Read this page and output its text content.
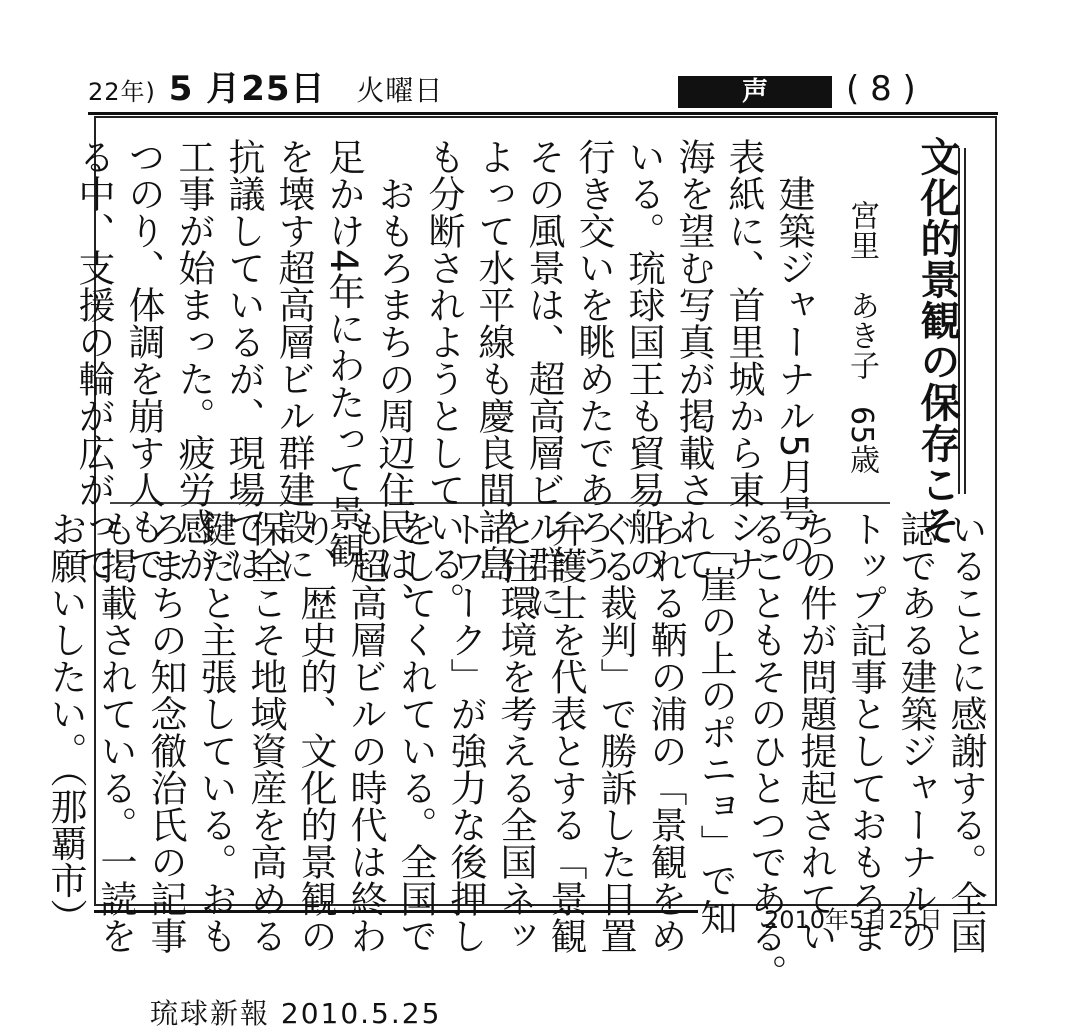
22年) 5 月25日 火曜日	声	( 8 )
文化的景観の保存こそ
宮里　あき子65歳
　建築ジャーナル5月号の
表紙に、首里城から東シナ
海を望む写真が掲載されて
いる。琉球国王も貿易船の
行き交いを眺めたであろう
その風景は、超高層ビル群に
よって水平線も慶良間諸島
も分断されようとしている。
　おもろまちの周辺住民は、
足かけ4年にわたって景観
を壊す超高層ビル群建設に
抗議しているが、現場では
工事が始まった。疲労感が
つのり、体調を崩す人もで
る中、支援の輪が広がって
いることに感謝する。全国
誌である建築ジャーナルの
トップ記事としておもろま
ちの件が問題提起されてい
ることもそのひとつである。
　「崖の上のポニョ」で知
られる鞆の浦の「景観をめ
ぐる裁判」で勝訴した日置
弁護士を代表とする「景観
と住環境を考える全国ネッ
トワーク」が強力な後押し
をしてくれている。全国で
も超高層ビルの時代は終わ
り、歴史的、文化的景観の
保全こそ地域資産を高める
鍵だと主張している。おも
ろまちの知念徹治氏の記事
も掲載されている。一読を
お願いしたい。（那覇市）	2010年5月25日
琉球新報 2010.5.25
